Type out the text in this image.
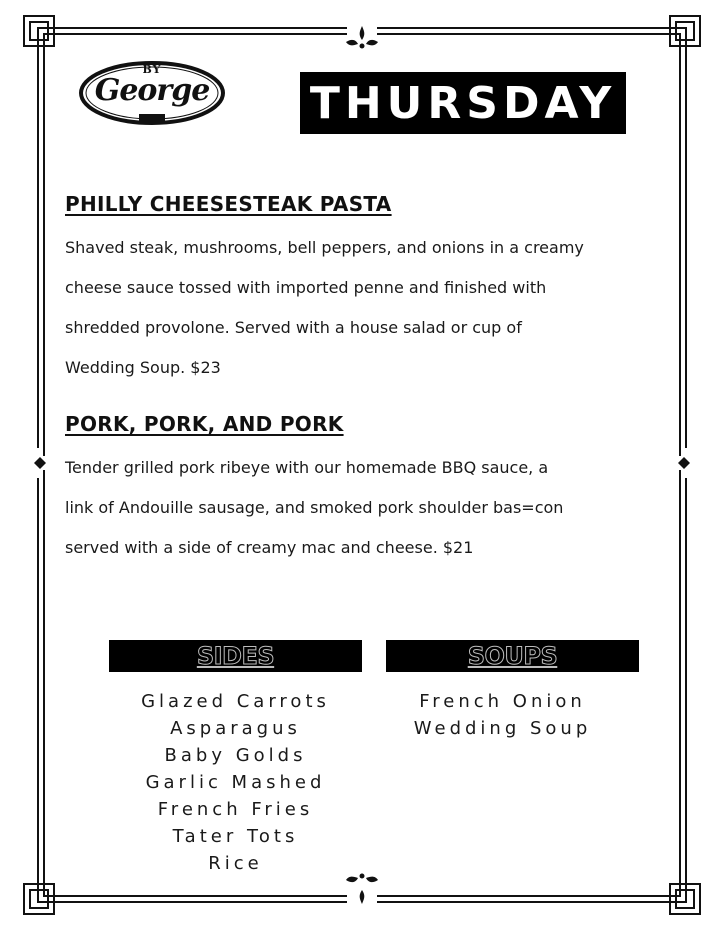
BY
George	THURSDAY
PHILLY CHEESESTEAK PASTA
Shaved steak, mushrooms, bell peppers, and onions in a creamy
cheese sauce tossed with imported penne and finished with
shredded provolone. Served with a house salad or cup of
Wedding Soup. $23
PORK, PORK, AND PORK
Tender grilled pork ribeye with our homemade BBQ sauce, a
link of Andouille sausage, and smoked pork shoulder bas=con
served with a side of creamy mac and cheese. $21
SIDES
Glazed Carrots
Asparagus
Baby Golds
Garlic Mashed
French Fries
Tater Tots
Rice
SOUPS
French Onion
Wedding Soup
